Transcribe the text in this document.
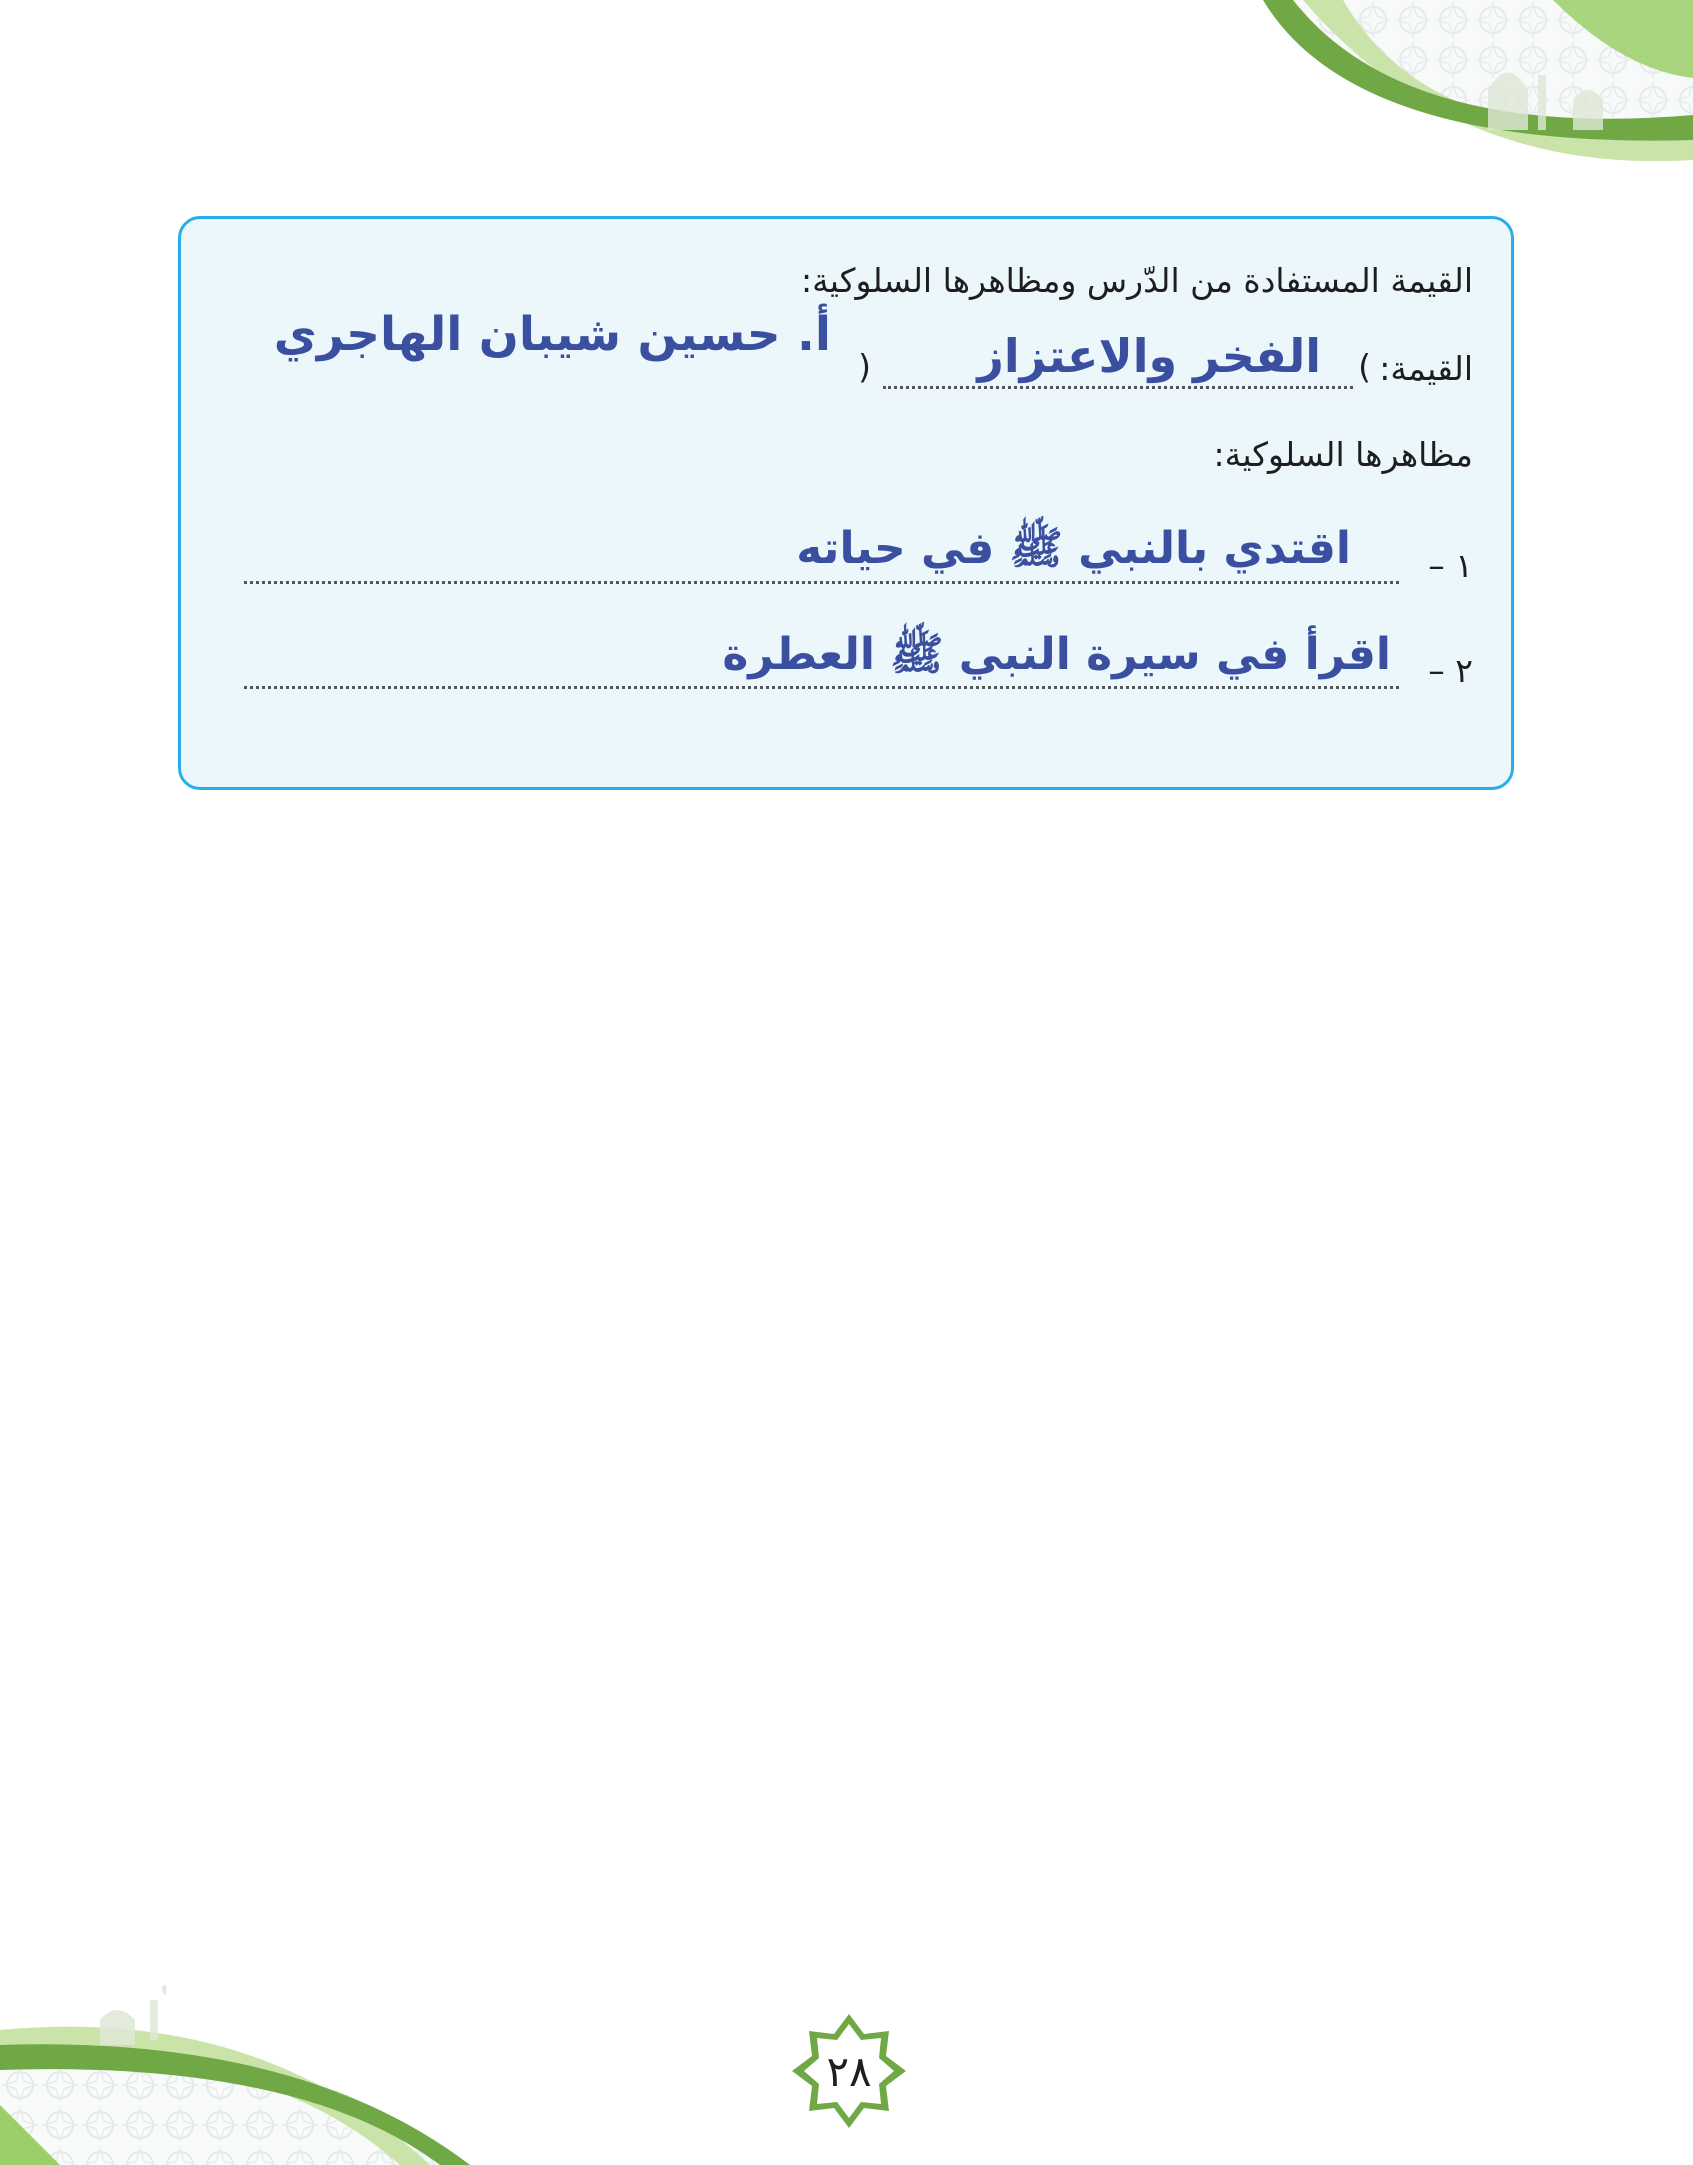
القيمة المستفادة من الدّرس ومظاهرها السلوكية:
القيمة:
(
الفخر والاعتزاز
)
أ. حسين شيبان الهاجري
مظاهرها السلوكية:
١ –
اقتدي بالنبي ﷺ في حياته
٢ –
اقرأ في سيرة النبي ﷺ العطرة
٢٨
